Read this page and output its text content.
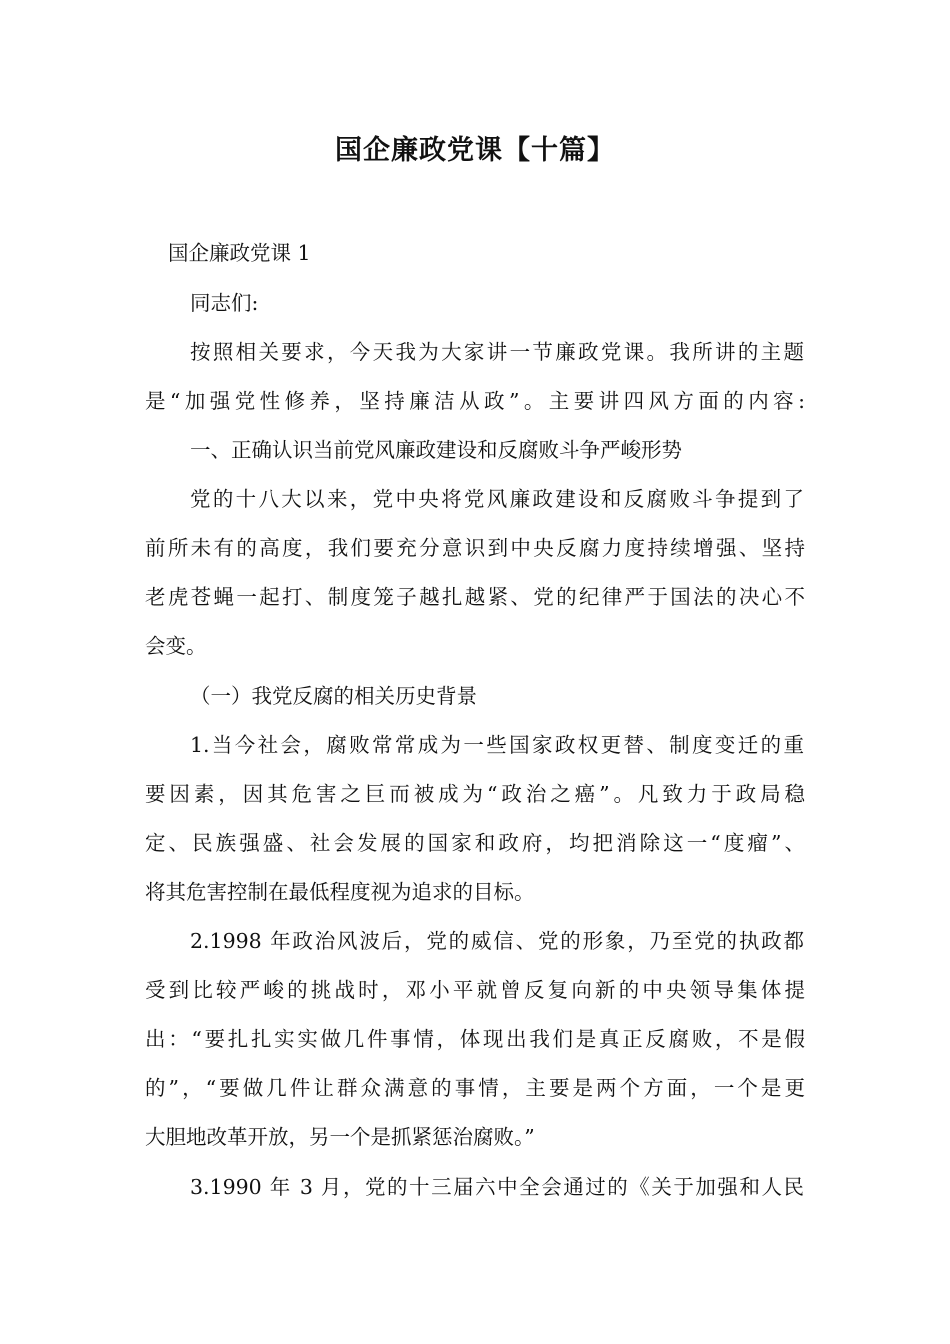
国企廉政党课【十篇】

国企廉政党课 1

同志们:

按照相关要求，今天我为大家讲一节廉政党课。我所讲的主题

是“加强党性修养，坚持廉洁从政”。主要讲四风方面的内容:

一、正确认识当前党风廉政建设和反腐败斗争严峻形势

党的十八大以来，党中央将党风廉政建设和反腐败斗争提到了

前所未有的高度，我们要充分意识到中央反腐力度持续增强、坚持

老虎苍蝇一起打、制度笼子越扎越紧、党的纪律严于国法的决心不

会变。

（一）我党反腐的相关历史背景

1.当今社会，腐败常常成为一些国家政权更替、制度变迁的重

要因素，因其危害之巨而被成为“政治之癌”。凡致力于政局稳

定、民族强盛、社会发展的国家和政府，均把消除这一“度瘤”、

将其危害控制在最低程度视为追求的目标。

2.1998 年政治风波后，党的威信、党的形象，乃至党的执政都

受到比较严峻的挑战时，邓小平就曾反复向新的中央领导集体提

出：“要扎扎实实做几件事情，体现出我们是真正反腐败，不是假

的”，“要做几件让群众满意的事情，主要是两个方面，一个是更

大胆地改革开放，另一个是抓紧惩治腐败。”

3.1990 年 3 月，党的十三届六中全会通过的《关于加强和人民
